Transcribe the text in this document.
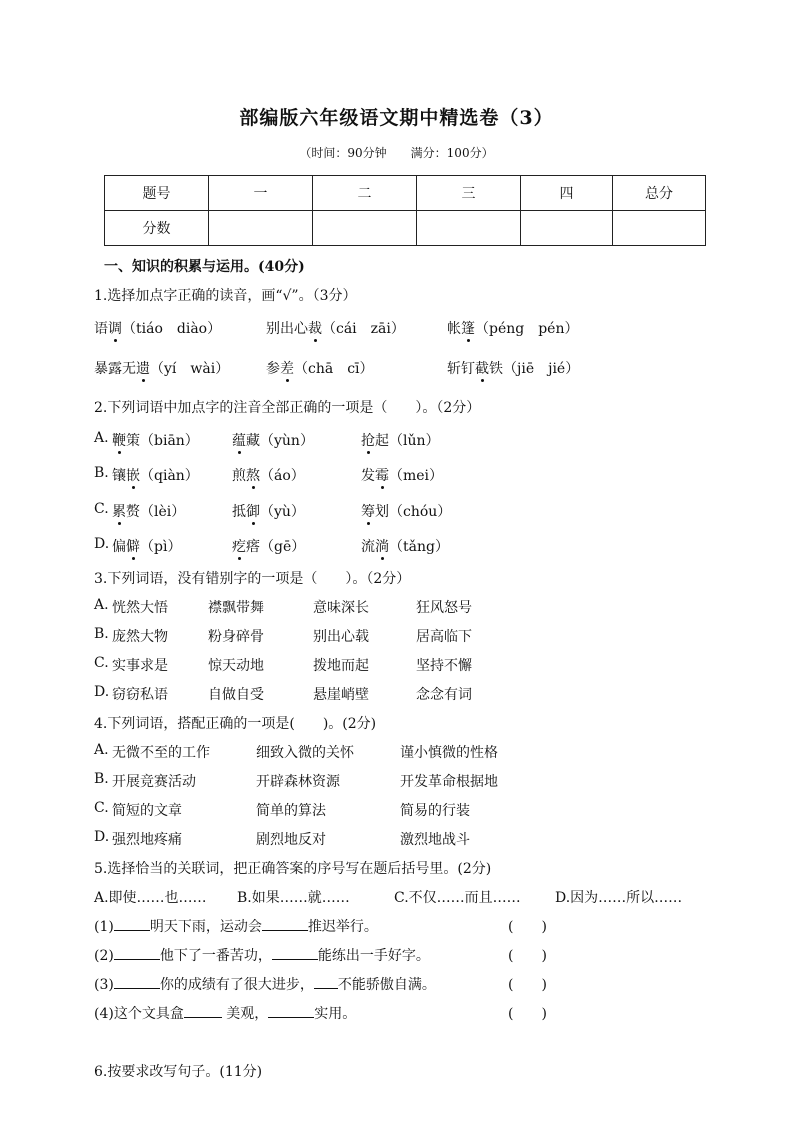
部编版六年级语文期中精选卷（3）
（时间：90分钟　　满分：100分）
题号	一	二	三	四	总分
分数					
一、知识的积累与运用。(40分)
1.选择加点字正确的读音，画“√”。（3分）
2.下列词语中加点字的注音全部正确的一项是（　　）。（2分）
3.下列词语，没有错别字的一项是（　　）。（2分）
4.下列词语，搭配正确的一项是(　　)。(2分)
5.选择恰当的关联词，把正确答案的序号写在题后括号里。(2分)
A.即使……也…… B.如果……就……	C.不仅……而且…… D.因为……所以……
(1)	明天下雨，运动会	推迟举行。	(　　)
(2)	他下了一番苦功，	能练出一手好字。	(　　)
(3)	你的成绩有了很大进步， 不能骄傲自满。	(　　)
(4)这个文具盒	美观，	实用。	(　　)
6.按要求改写句子。(11分)
语调（tiáo　diào）	别出心裁（cái　zāi）	帐篷（péng　pén）
暴露无遗（yí　wài）	参差（chā　cī）	斩钉截铁（jiē　jié）
A. 鞭策（biān） 蕴藏（yùn）	抢起（lǔn）
B. 镶嵌（qiàn） 煎熬（áo）	发霉（mei）
C. 累赘（lèi）	抵御（yù）	筹划（chóu）
D. 偏僻（pì）	疙瘩（gē）	流淌（tǎng）
A. 恍然大悟	襟飘带舞	意味深长	狂风怒号
B. 庞然大物	粉身碎骨	别出心载	居高临下
C. 实事求是	惊天动地	拨地而起	坚持不懈
D. 窃窃私语	自做自受	悬崖峭壁	念念有词
A. 无微不至的工作	细致入微的关怀	谨小慎微的性格
B. 开展竞赛活动	开辟森林资源	开发革命根据地
C. 简短的文章	简单的算法	简易的行装
D. 强烈地疼痛	剧烈地反对	激烈地战斗
